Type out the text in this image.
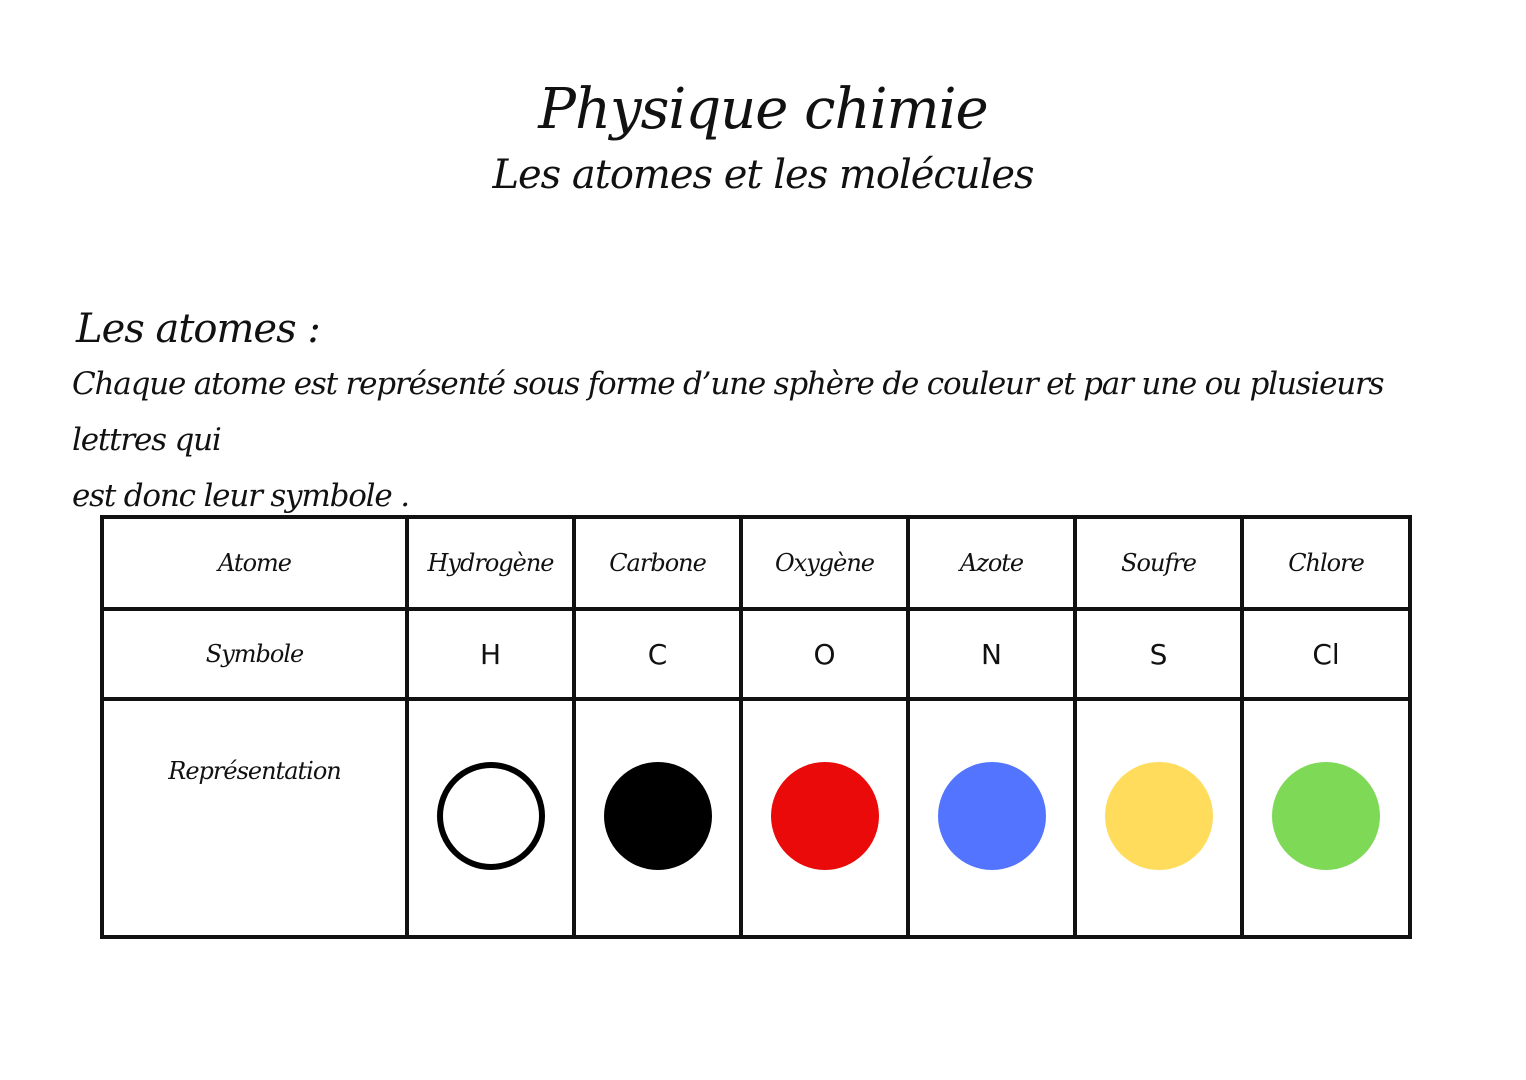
Physique chimie
Les atomes et les molécules
Les atomes :
Chaque atome est représenté sous forme d’une sphère de couleur et par une ou plusieurs lettres qui
est donc leur symbole .
Atome	Hydrogène	Carbone	Oxygène	Azote	Soufre	Chlore
Symbole	H	C	O	N	S	Cl
Représentation						
